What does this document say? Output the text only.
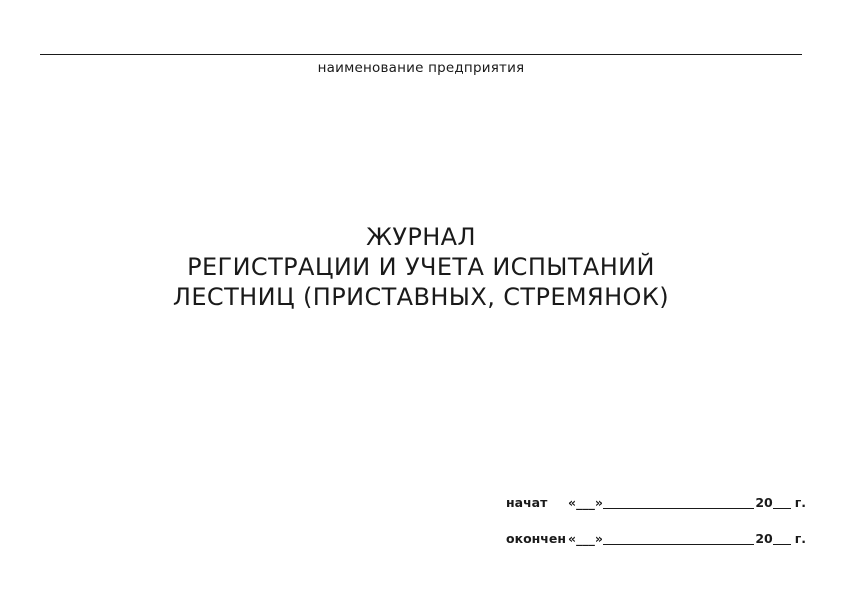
наименование предприятия
ЖУРНАЛ
РЕГИСТРАЦИИ И УЧЕТА ИСПЫТАНИЙ
ЛЕСТНИЦ (ПРИСТАВНЫХ, СТРЕМЯНОК)
начат	«___»	20	г.
окончен «___»	20	г.
